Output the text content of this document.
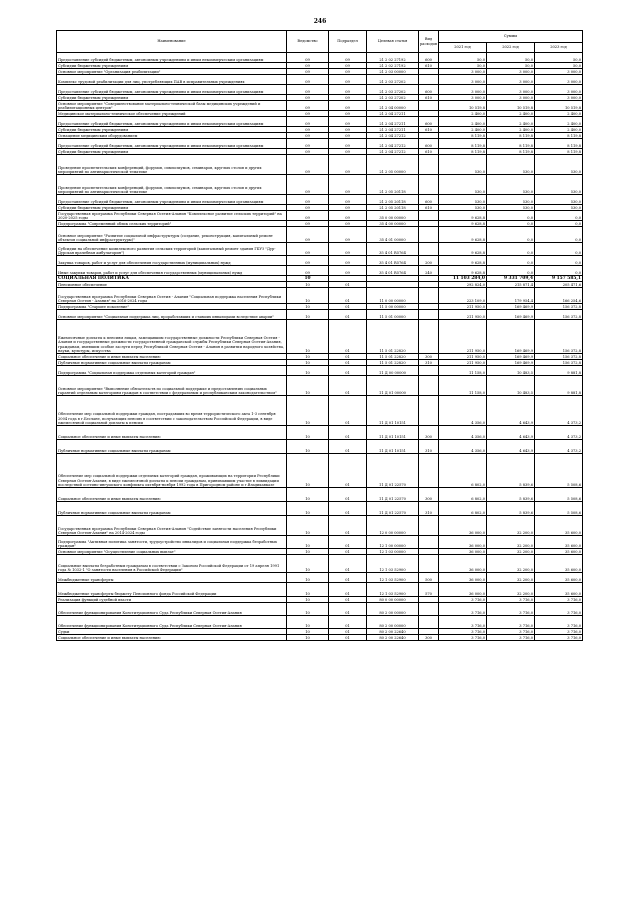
246
Наименование	Ведомство	Подраздел	Целевая статья	Вид расходов	Суммы		
					2021 год	2022 год	2023 год
Предоставление субсидий бюджетным, автономным учреждениям и иным некоммерческим организациям	09	09	21 2 02 27192	600	50,0	50,0	50,0
Субсидии бюджетным учреждениям	09	09	21 2 02 27192	610	50,0	50,0	50,0
Основное мероприятие "Организация реабилитации"	09	09	21 2 03 00000		3 000,0	3 000,0	3 000,0
Комплекс трудовой реабилитации для лиц, употребляющих ПАВ в исправительных учреждениях	09	09	21 2 03 27202		3 000,0	3 000,0	3 000,0
Предоставление субсидий бюджетным, автономным учреждениям и иным некоммерческим организациям	09	09	21 2 03 27202	600	3 000,0	3 000,0	3 000,0
Субсидии бюджетным учреждениям	09	09	21 2 03 27202	610	3 000,0	3 000,0	3 000,0
Основное мероприятие "Совершенствование материально-технической базы медицинских учреждений и реабилитационных центров"	09	09	21 2 04 00000		10 519,8	10 519,8	10 519,8
Медицинское материально-техническое обеспечение учреждений	09	09	21 2 04 27211		2 400,0	2 400,0	2 400,0
Предоставление субсидий бюджетным, автономным учреждениям и иным некоммерческим организациям	09	09	21 2 04 27211	600	2 400,0	2 400,0	2 400,0
Субсидии бюджетным учреждениям	09	09	21 2 04 27211	610	2 400,0	2 400,0	2 400,0
Оснащение медицинским оборудованием	09	09	21 2 04 27212		8 119,8	8 119,8	8 119,8
Предоставление субсидий бюджетным, автономным учреждениям и иным некоммерческим организациям	09	09	21 2 04 27212	600	8 119,8	8 119,8	8 119,8
Субсидии бюджетным учреждениям	09	09	21 2 04 27212	610	8 119,8	8 119,8	8 119,8
Проведение просветительских конференций, форумов, симпозиумов, семинаров, круглых столов и других мероприятий по антинаркотической тематике	09	09	21 2 05 00000		530,0	530,0	530,0
Проведение просветительских конференций, форумов, симпозиумов, семинаров, круглых столов и других мероприятий по антинаркотической тематике	09	09	21 2 05 20118		530,0	530,0	530,0
Предоставление субсидий бюджетным, автономным учреждениям и иным некоммерческим организациям	09	09	21 2 05 20118	600	530,0	530,0	530,0
Субсидии бюджетным учреждениям	09	09	21 2 05 20118	610	530,0	530,0	530,0
Государственная программа Республики Северная Осетия-Алания "Комплексное развитие сельских территорий" на 2020-2025 годы	09	09	35 0 00 00000		9 628,8	0,0	0,0
Подпрограмма "Современный облик сельских территорий"	09	09	35 4 00 00000		9 628,8	0,0	0,0
Основное мероприятие "Развитие социальной инфраструктуры (создание, реконструкция, капитальный ремонт объектов социальной инфраструктуры)"	09	09	35 4 01 00000		9 628,8	0,0	0,0
Субсидии на обеспечение комплексного развития сельских территорий (капитальный ремонт здания ГБУЗ "Дур-Дурская врачебная амбулатория")	09	09	35 4 01 R5764		9 628,8	0,0	0,0
Закупка товаров, работ и услуг для обеспечения государственных (муниципальных) нужд	09	09	35 4 01 R5764	200	9 628,8	0,0	0,0
Иные закупки товаров, работ и услуг для обеспечения государственных (муниципальных) нужд	09	09	35 4 01 R5764	240	9 628,8	0,0	0,0
СОЦИАЛЬНАЯ ПОЛИТИКА	10				11 103 284,0	9 331 709,4	9 157 585,1
Пенсионное обеспечение	10	01			292 824,0	215 871,4	205 471,6
Государственная программа Республики Северная Осетия - Алания "Социальная поддержка населения Республики Северная Осетия - Алания" на 2016-2024 годы	10	01	11 0 00 00000		223 109,0	179 954,4	166 254,6
Подпрограмма "Старшее поколение"	10	01	11 5 00 00000		211 950,0	169 469,9	156 372,8
Основное мероприятие "Социальная поддержка лиц, проработавших и ставших инвалидами вследствие аварии"	10	01	11 5 01 00000		211 950,0	169 469,9	156 372,8
Ежемесячные доплаты к пенсиям лицам, замещавшим государственные должности Республики Северная Осетия - Алания и государственные должности государственной гражданской службы Республики Северная Осетия-Алания, гражданам, имевшим особые заслуги перед Республикой Северная Осетия - Алания в развитии народного хозяйства, науки, культуры, искусства	10	01	11 5 01 22820		211 950,0	169 469,9	156 372,8
Социальное обеспечение и иные выплаты населению	10	01	11 5 01 22820	300	211 950,0	169 469,9	156 372,8
Публичные нормативные социальные выплаты гражданам	10	01	11 5 01 22820	310	211 950,0	169 469,9	156 372,8
Подпрограмма "Социальная поддержка отдельных категорий граждан"	10	01	11 Д 00 00000		11 158,0	10 483,5	9 881,8
Основное мероприятие "Выполнение обязательств по социальной поддержке и предоставлению социальных гарантий отдельным категориям граждан в соответствии с федеральным и республиканским законодательством"	10	01	11 Д 01 00000		11 158,0	10 483,5	9 881,8
Обеспечение мер социальной поддержки граждан, пострадавших во время террористического акта 1-3 сентября 2004 года в г.Беслане, получающих пенсию в соответствии с законодательством Российской Федерации, в виде ежемесячной социальной доплаты к пенсии	10	01	11 Д 01 10151		4 356,0	4 643,9	4 373,2
Социальное обеспечение и иные выплаты населению	10	01	11 Д 01 10151	300	4 356,0	4 643,9	4 373,2
Публичные нормативные социальные выплаты гражданам	10	01	11 Д 01 10151	310	4 356,0	4 643,9	4 373,2
Обеспечение мер социальной поддержки отдельных категорий граждан, проживающих на территории Республики Северная Осетия-Алания, в виде ежемесячной доплаты к пенсии гражданам, принимавшим участие в ликвидации последствий осетино-ингушского конфликта октября-ноября 1992 года в Пригородном районе и г.Владикавказе	10	01	11 Д 01 22570		6 802,0	5 839,6	5 508,6
Социальное обеспечение и иные выплаты населению	10	01	11 Д 01 22570	300	6 802,0	5 839,6	5 508,6
Публичные нормативные социальные выплаты гражданам	10	01	11 Д 01 22570	310	6 802,0	5 839,6	5 508,6
Государственная программа Республики Северная Осетия-Алания "Содействие занятости населения Республики Северная Осетия-Алания" на 2014-2024 годы	10	01	12 0 00 00000		36 000,0	32 200,0	35 600,0
Подпрограмма "Активная политика занятости, трудоустройство инвалидов и социальная поддержка безработных граждан"	10	01	12 1 00 00000		36 000,0	32 200,0	35 600,0
Основное мероприятие "Осуществление социальных выплат"	10	01	12 1 03 00000		36 000,0	32 200,0	35 600,0
Социальные выплаты безработным гражданам в соответствии с Законом Российской Федерации от 19 апреля 1991 года № 1032-1 "О занятости населения в Российской Федерации"	10	01	12 1 03 52900		36 000,0	32 200,0	35 600,0
Межбюджетные трансферты	10	01	12 1 03 52900	500	36 000,0	32 200,0	35 600,0
Межбюджетные трансферты бюджету Пенсионного фонда Российской Федерации	10	01	12 1 03 52900	570	36 000,0	32 200,0	35 600,0
Реализация функций судебной власти	10	01	80 0 00 00000		3 716,0	3 716,0	3 716,0
Обеспечение функционирования Конституционного Суда Республики Северная Осетия-Алания	10	01	80 2 00 00000		3 716,0	3 716,0	3 716,0
Обеспечение функционирования Конституционного Суда Республики Северная Осетия-Алания	10	01	80 2 00 00000		3 716,0	3 716,0	3 716,0
Судьи	10	01	80 2 00 22640		3 716,0	3 716,0	3 716,0
Социальное обеспечение и иные выплаты населению	10	01	80 2 00 22640	300	3 716,0	3 716,0	3 716,0
